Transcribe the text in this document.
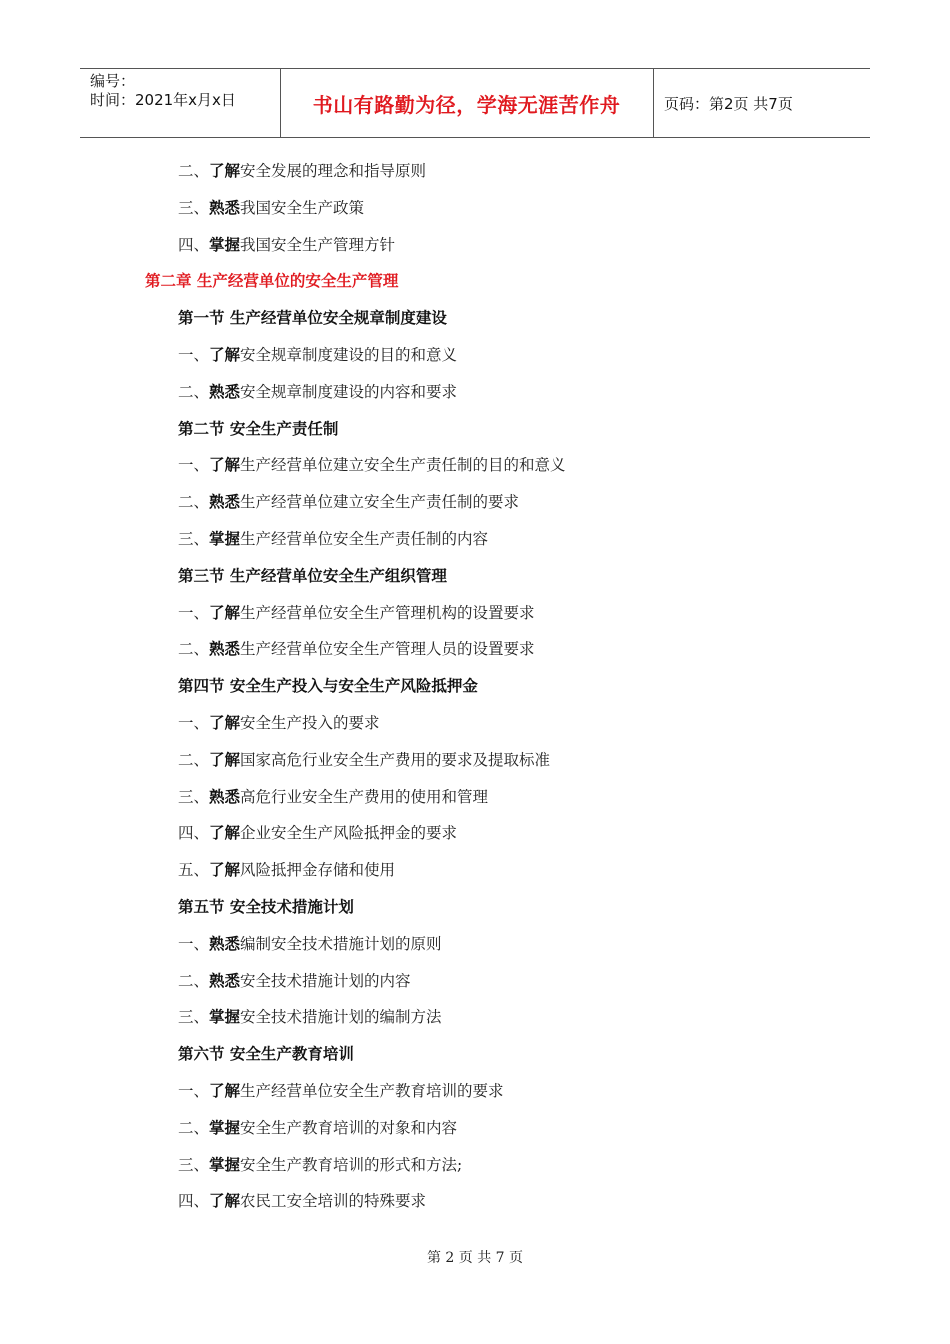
编号：
时间：2021年x月x日	书山有路勤为径，学海无涯苦作舟	页码：第2页 共7页
二、了解安全发展的理念和指导原则
三、熟悉我国安全生产政策
四、掌握我国安全生产管理方针
第二章 生产经营单位的安全生产管理
第一节 生产经营单位安全规章制度建设
一、了解安全规章制度建设的目的和意义
二、熟悉安全规章制度建设的内容和要求
第二节 安全生产责任制
一、了解生产经营单位建立安全生产责任制的目的和意义
二、熟悉生产经营单位建立安全生产责任制的要求
三、掌握生产经营单位安全生产责任制的内容
第三节 生产经营单位安全生产组织管理
一、了解生产经营单位安全生产管理机构的设置要求
二、熟悉生产经营单位安全生产管理人员的设置要求
第四节 安全生产投入与安全生产风险抵押金
一、了解安全生产投入的要求
二、了解国家高危行业安全生产费用的要求及提取标准
三、熟悉高危行业安全生产费用的使用和管理
四、了解企业安全生产风险抵押金的要求
五、了解风险抵押金存储和使用
第五节 安全技术措施计划
一、熟悉编制安全技术措施计划的原则
二、熟悉安全技术措施计划的内容
三、掌握安全技术措施计划的编制方法
第六节 安全生产教育培训
一、了解生产经营单位安全生产教育培训的要求
二、掌握安全生产教育培训的对象和内容
三、掌握安全生产教育培训的形式和方法;
四、了解农民工安全培训的特殊要求
第 2 页 共 7 页
